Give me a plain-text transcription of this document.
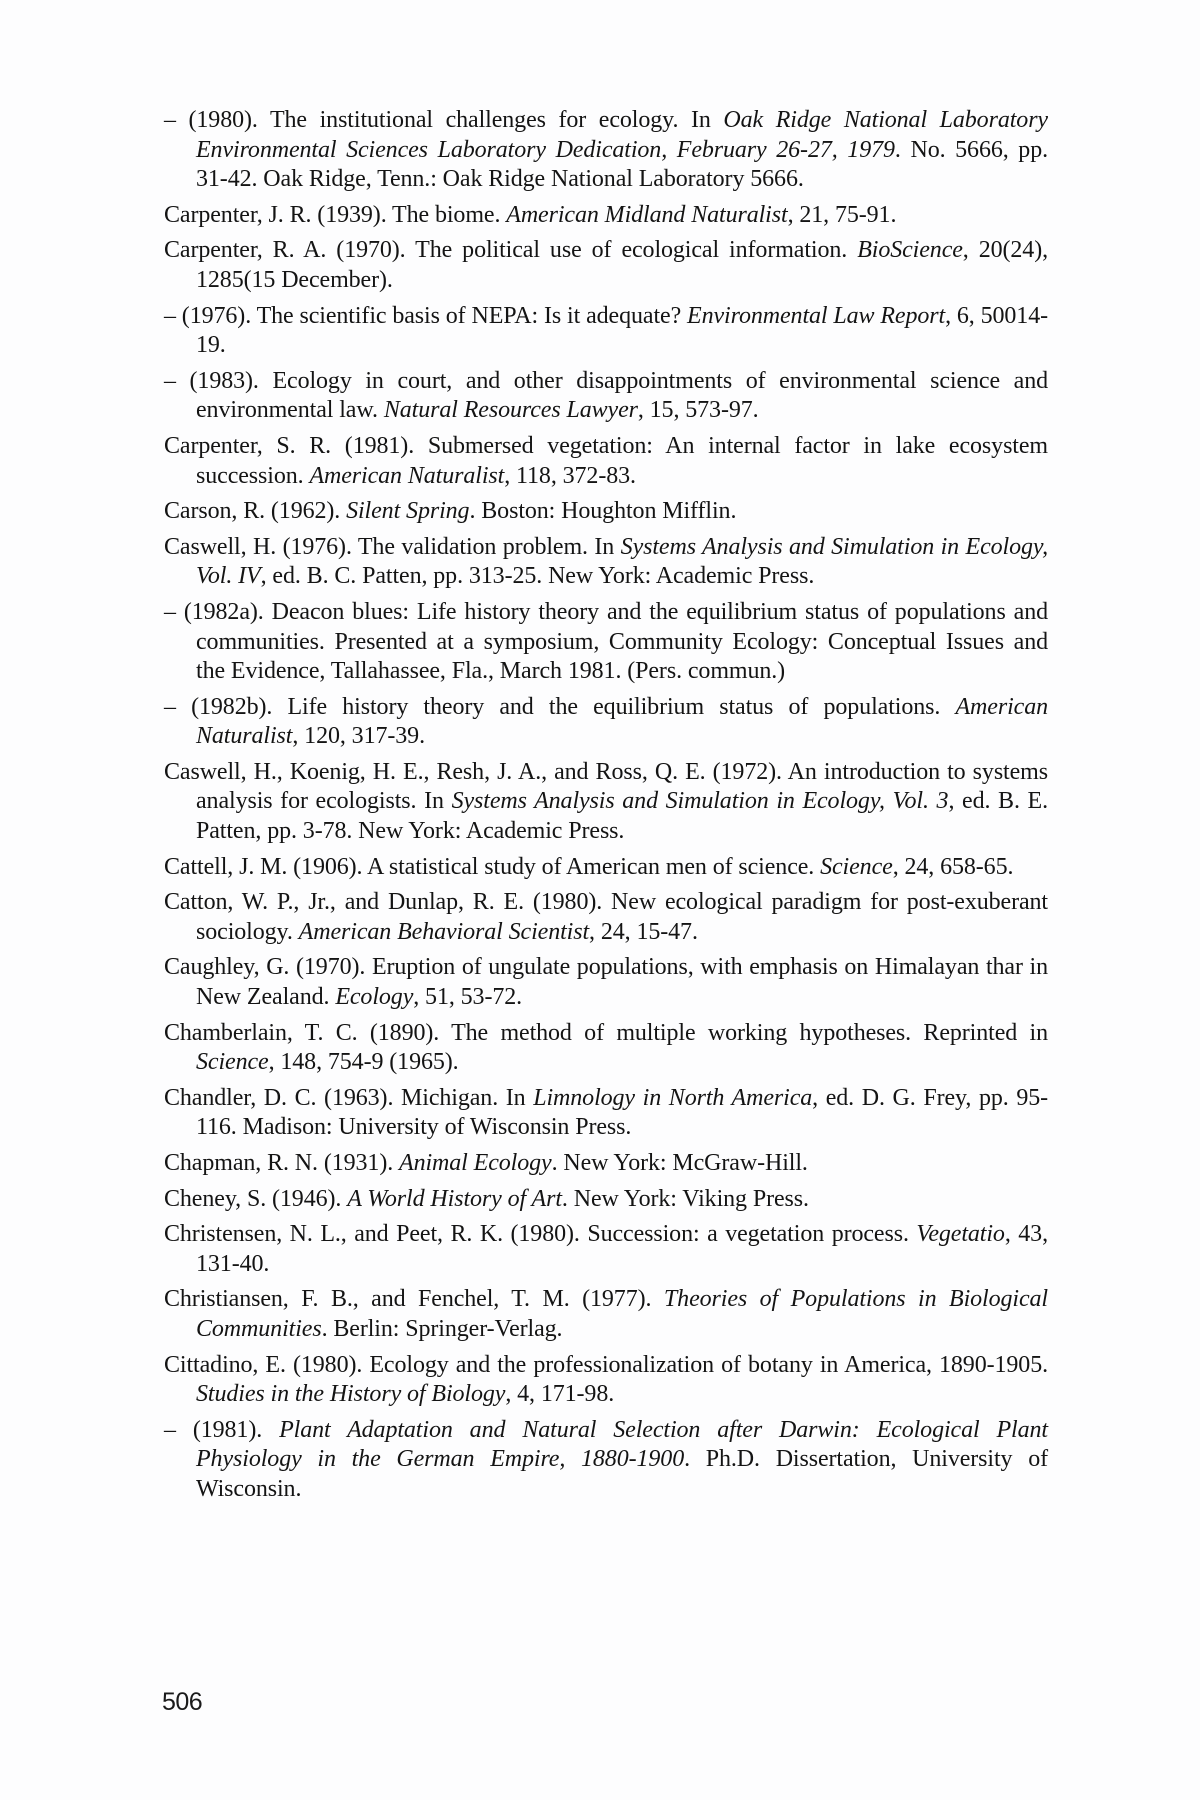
– (1980). The institutional challenges for ecology. In Oak Ridge National Laboratory Environmental Sciences Laboratory Dedication, February 26-27, 1979. No. 5666, pp. 31-42. Oak Ridge, Tenn.: Oak Ridge National Laboratory 5666.
Carpenter, J. R. (1939). The biome. American Midland Naturalist, 21, 75-91.
Carpenter, R. A. (1970). The political use of ecological information. BioScience, 20(24), 1285(15 December).
– (1976). The scientific basis of NEPA: Is it adequate? Environmental Law Report, 6, 50014-19.
– (1983). Ecology in court, and other disappointments of environmental science and environmental law. Natural Resources Lawyer, 15, 573-97.
Carpenter, S. R. (1981). Submersed vegetation: An internal factor in lake ecosystem succession. American Naturalist, 118, 372-83.
Carson, R. (1962). Silent Spring. Boston: Houghton Mifflin.
Caswell, H. (1976). The validation problem. In Systems Analysis and Simulation in Ecology, Vol. IV, ed. B. C. Patten, pp. 313-25. New York: Academic Press.
– (1982a). Deacon blues: Life history theory and the equilibrium status of populations and communities. Presented at a symposium, Community Ecology: Conceptual Issues and the Evidence, Tallahassee, Fla., March 1981. (Pers. commun.)
– (1982b). Life history theory and the equilibrium status of populations. American Naturalist, 120, 317-39.
Caswell, H., Koenig, H. E., Resh, J. A., and Ross, Q. E. (1972). An introduction to systems analysis for ecologists. In Systems Analysis and Simulation in Ecology, Vol. 3, ed. B. E. Patten, pp. 3-78. New York: Academic Press.
Cattell, J. M. (1906). A statistical study of American men of science. Science, 24, 658-65.
Catton, W. P., Jr., and Dunlap, R. E. (1980). New ecological paradigm for post-exuberant sociology. American Behavioral Scientist, 24, 15-47.
Caughley, G. (1970). Eruption of ungulate populations, with emphasis on Himalayan thar in New Zealand. Ecology, 51, 53-72.
Chamberlain, T. C. (1890). The method of multiple working hypotheses. Reprinted in Science, 148, 754-9 (1965).
Chandler, D. C. (1963). Michigan. In Limnology in North America, ed. D. G. Frey, pp. 95-116. Madison: University of Wisconsin Press.
Chapman, R. N. (1931). Animal Ecology. New York: McGraw-Hill.
Cheney, S. (1946). A World History of Art. New York: Viking Press.
Christensen, N. L., and Peet, R. K. (1980). Succession: a vegetation process. Vegetatio, 43, 131-40.
Christiansen, F. B., and Fenchel, T. M. (1977). Theories of Populations in Biological Communities. Berlin: Springer-Verlag.
Cittadino, E. (1980). Ecology and the professionalization of botany in America, 1890-1905. Studies in the History of Biology, 4, 171-98.
– (1981). Plant Adaptation and Natural Selection after Darwin: Ecological Plant Physiology in the German Empire, 1880-1900. Ph.D. Dissertation, University of Wisconsin.
506
